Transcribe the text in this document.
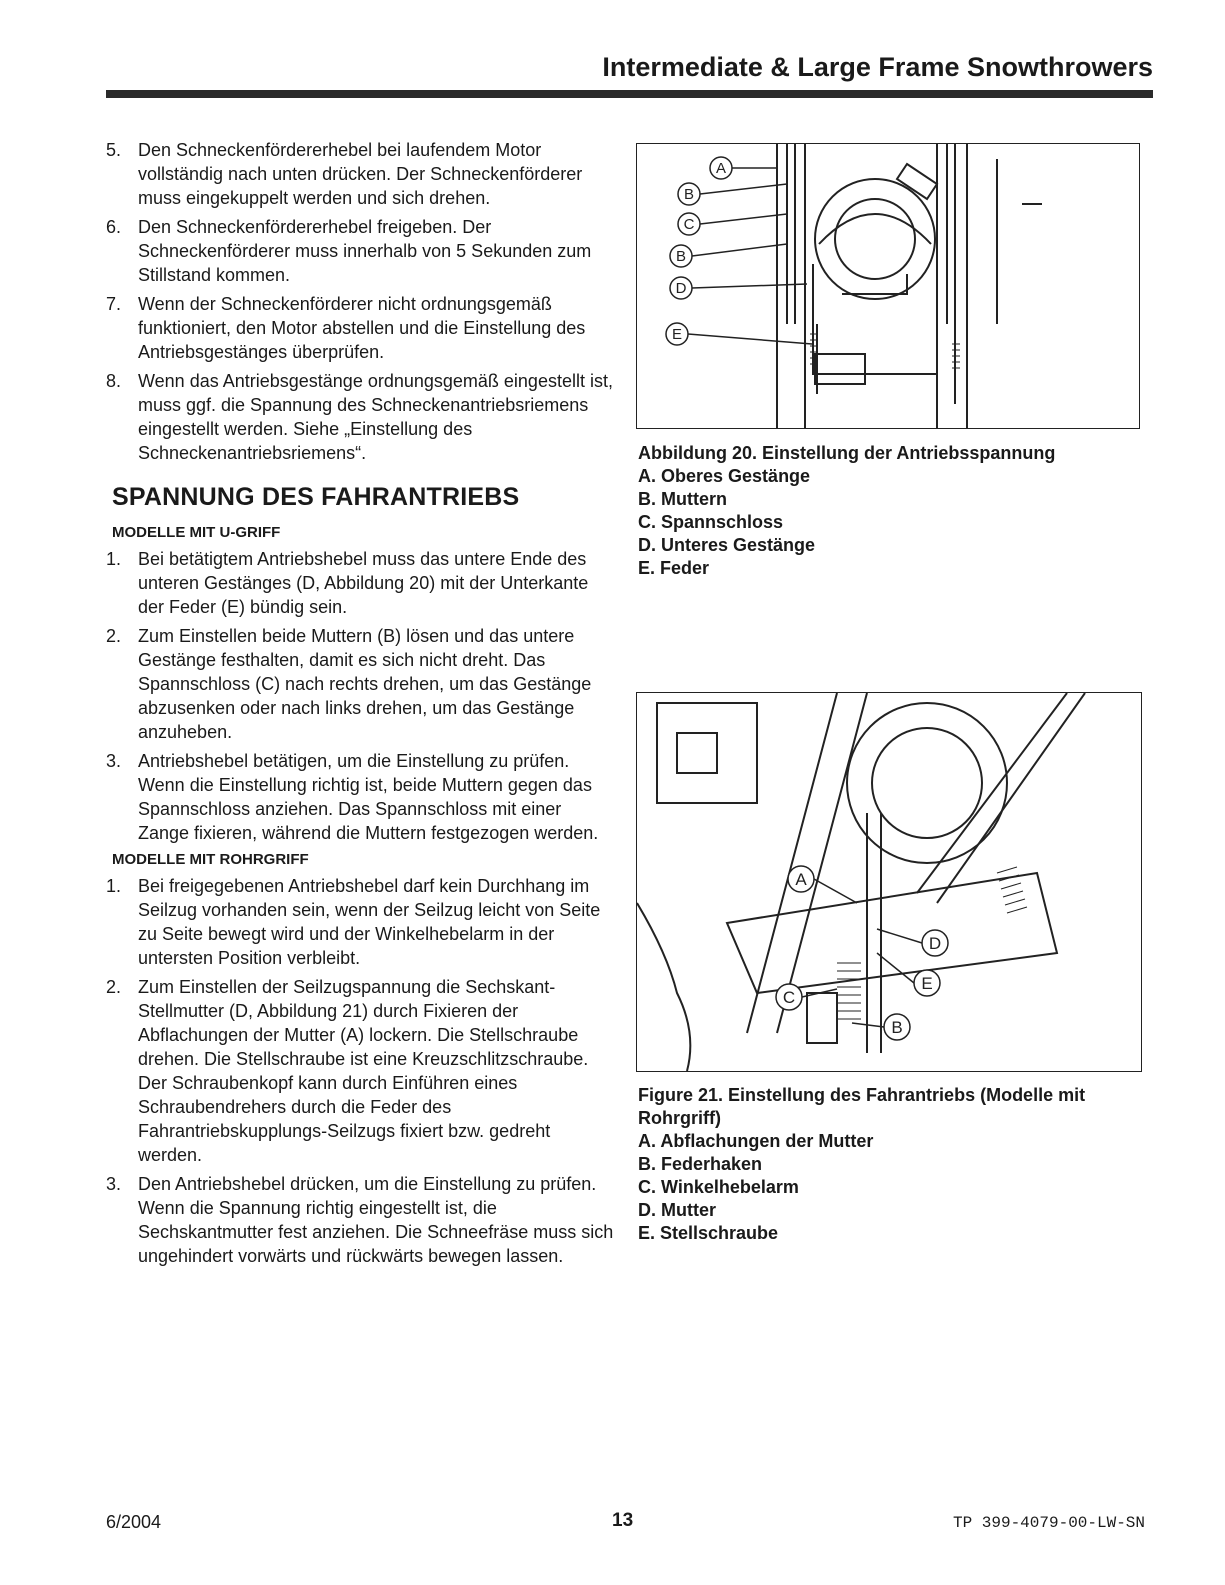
Intermediate & Large Frame Snowthrowers
5. Den Schneckenfördererhebel bei laufendem Motor vollständig nach unten drücken. Der Schneckenförderer muss eingekuppelt werden und sich drehen.
6. Den Schneckenfördererhebel freigeben. Der Schneckenförderer muss innerhalb von 5 Sekunden zum Stillstand kommen.
7. Wenn der Schneckenförderer nicht ordnungsgemäß funktioniert, den Motor abstellen und die Einstellung des Antriebsgestänges überprüfen.
8. Wenn das Antriebsgestänge ordnungsgemäß eingestellt ist, muss ggf. die Spannung des Schneckenantriebsriemens eingestellt werden. Siehe „Einstellung des Schneckenantriebsriemens“.
SPANNUNG DES FAHRANTRIEBS
MODELLE MIT U-GRIFF
1. Bei betätigtem Antriebshebel muss das untere Ende des unteren Gestänges (D, Abbildung 20) mit der Unterkante der Feder (E) bündig sein.
2. Zum Einstellen beide Muttern (B) lösen und das untere Gestänge festhalten, damit es sich nicht dreht. Das Spannschloss (C) nach rechts drehen, um das Gestänge abzusenken oder nach links drehen, um das Gestänge anzuheben.
3. Antriebshebel betätigen, um die Einstellung zu prüfen. Wenn die Einstellung richtig ist, beide Muttern gegen das Spannschloss anziehen. Das Spannschloss mit einer Zange fixieren, während die Muttern festgezogen werden.
MODELLE MIT ROHRGRIFF
1. Bei freigegebenen Antriebshebel darf kein Durchhang im Seilzug vorhanden sein, wenn der Seilzug leicht von Seite zu Seite bewegt wird und der Winkelhebelarm in der untersten Position verbleibt.
2. Zum Einstellen der Seilzugspannung die Sechskant-Stellmutter (D, Abbildung 21) durch Fixieren der Abflachungen der Mutter (A) lockern. Die Stellschraube drehen. Die Stellschraube ist eine Kreuzschlitzschraube. Der Schraubenkopf kann durch Einführen eines Schraubendrehers durch die Feder des Fahrantriebskupplungs-Seilzugs fixiert bzw. gedreht werden.
3. Den Antriebshebel drücken, um die Einstellung zu prüfen. Wenn die Spannung richtig eingestellt ist, die Sechskantmutter fest anziehen. Die Schneefräse muss sich ungehindert vorwärts und rückwärts bewegen lassen.
A
B
C
B
D
E
Abbildung 20. Einstellung der Antriebsspannung
A. Oberes Gestänge
B. Muttern
C. Spannschloss
D. Unteres Gestänge
E. Feder
A
D
E
C
B
Figure 21. Einstellung des Fahrantriebs (Modelle mit Rohrgriff)
A. Abflachungen der Mutter
B. Federhaken
C. Winkelhebelarm
D. Mutter
E. Stellschraube
6/2004	13	TP 399-4079-00-LW-SN
